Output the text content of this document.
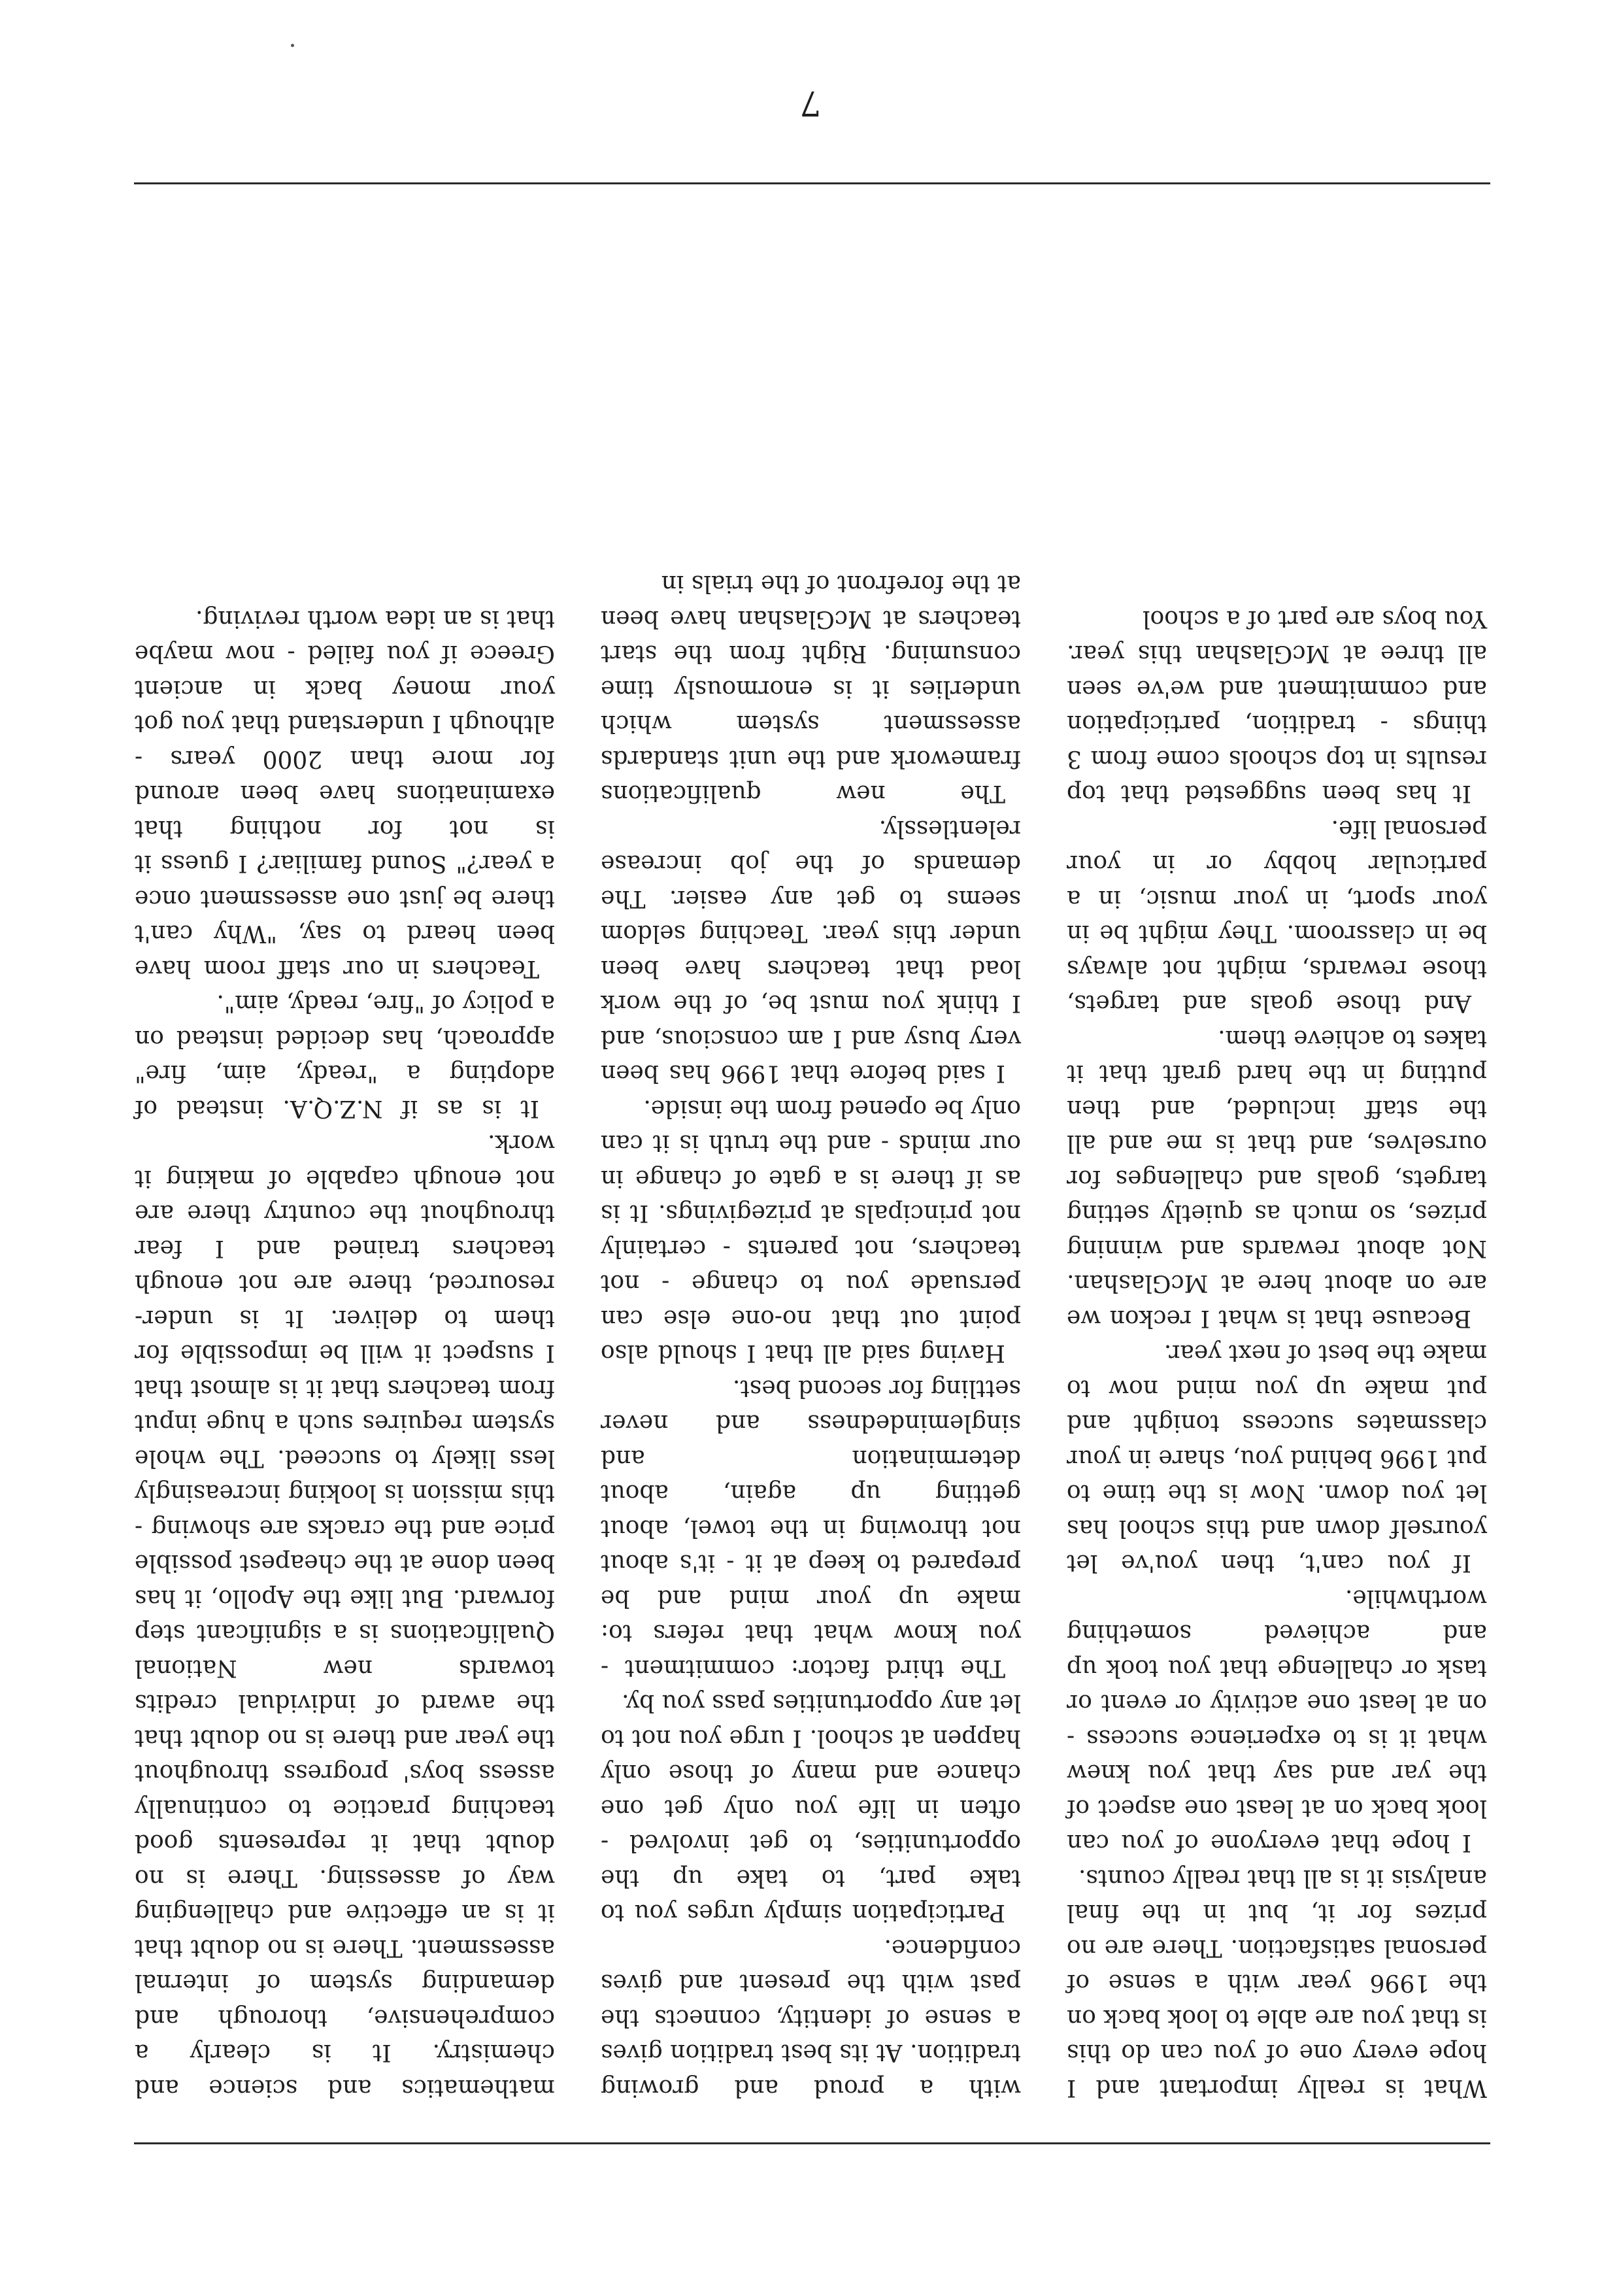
7

What is really important and I hope every one of you can do this is that you are able to look back on the 1996 year with a sense of personal satisfaction. There are no prizes for it, but in the final analysis it is all that really counts.

I hope that everyone of you can look back on at least one aspect of the yar and say that you knew what it is to experience success - on at least one activity or event or task or challenge that you took up and achieved something worthwhile.

If you can't, then you've let yourself down and this school has let you down. Now is the time to put 1996 behind you, share in your classmates success tonight and put make up you mind now to make the best of next year.

Because that is what I reckon we are on about here at McGlashan. Not about rewards and winning prizes, so much as quietly setting targets, goals and challenges for ourselves, and that is me and all the staff included, and then putting in the hard graft that it takes to achieve them.

And those goals and targets, those rewards, might not always be in classroom. They might be in your sport, in your music, in a particular hobby or in your personal life.

It has been suggested that top results in top schools come from 3 things - tradition, participation and commitment and we've seen all three at McGlashan this year. You boys are part of a school

with a proud and growing tradition. At its best tradition gives a sense of identity, connects the past with the present and gives confidence.

Participation simply urges you to take part, to take up the opportunities, to get involved - often in life you only get one chance and many of those only happen at school. I urge you not to let any opportunities pass you by.

The third factor: commitment - you know what that refers to: make up your mind and be prepared to keep at it - it's about not throwing in the towel, about getting up again, about determination and singlemindedness and never settling for second best.

Having said all that I should also point out that no-one else can persuade you to change - not teachers, not parents - certainly not principals at prizegivings. It is as if there is a gate of change in our minds - and the truth is it can only be opened from the inside.

I said before that 1996 has been very busy and I am conscious, and I think you must be, of the work load that teachers have been under this year. Teaching seldom seems to get any easier. The demands of the job increase relentlessly.

The new qualifications framework and the unit standards assessment system which underlies it is enormously time consuming. Right from the start teachers at McGlashan have been at the forefront of the trials in

mathematics and science and chemistry. It is clearly a comprehensive, thorough and demanding system of internal assessment. There is no doubt that it is an effective and challenging way of assessing. There is no doubt that it represents good teaching practice to continually assess boys' progress throughout the year and there is no doubt that the award of individual credits towards new National Qualifications is a significant step forward. But like the Apollo, it has been done at the cheapest possible price and the cracks are showing - this mission is looking increasingly less likely to succeed. The whole system requires such a huge input from teachers that it is almost that I suspect it will be impossible for them to deliver. It is under-resourced, there are not enough teachers trained and I fear throughout the country there are not enough capable of making it work.

It is as if N.Z.Q.A. instead of adopting a "ready, aim, fire" approach, has decided instead on a policy of "fire, ready, aim".

Teachers in our staff room have been heard to say, "Why can't there be just one assessment once a year?" Sound familiar? I guess it is not for nothing that examinations have been around for more than 2000 years - although I understand that you got your money back in ancient Greece if you failed - now maybe that is an idea worth reviving.
